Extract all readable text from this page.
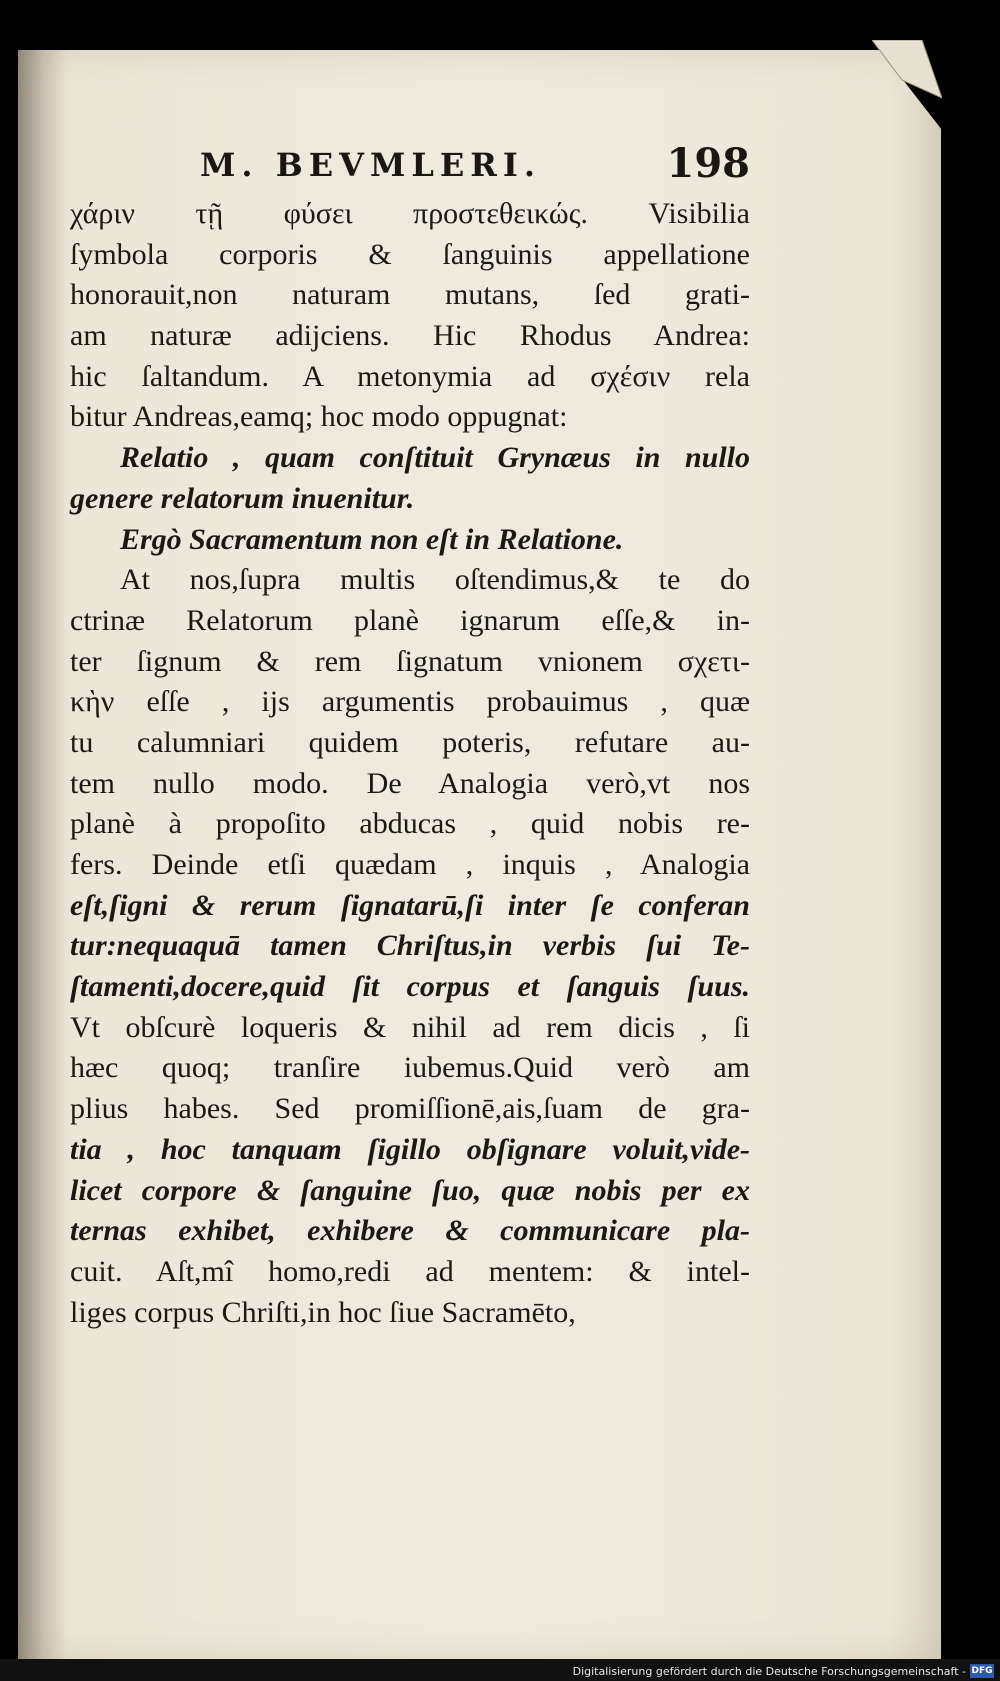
M. BEVMLERI.	198
χάριν τῇ φύσει προστεθεικώς. Visibilia
ſymbola corporis & ſanguinis appellatione
honorauit,non naturam mutans, ſed grati-
am naturæ adijciens. Hic Rhodus Andrea:
hic ſaltandum. A metonymia ad σχέσιν rela
bitur Andreas,eamq; hoc modo oppugnat:
Relatio , quam conſtituit Grynæus in nullo
genere relatorum inuenitur.
Ergò Sacramentum non eſt in Relatione.
At nos,ſupra multis oſtendimus,& te do
ctrinæ Relatorum planè ignarum eſſe,& in-
ter ſignum & rem ſignatum vnionem σχετι-
κὴν eſſe , ijs argumentis probauimus , quæ
tu calumniari quidem poteris, refutare au-
tem nullo modo. De Analogia verò,vt nos
planè à propoſito abducas , quid nobis re-
fers. Deinde etſi quædam , inquis , Analogia
eſt,ſigni & rerum ſignatarū,ſi inter ſe conferan
tur:nequaquā tamen Chriſtus,in verbis ſui Te-
ſtamenti,docere,quid ſit corpus et ſanguis ſuus.
Vt obſcurè loqueris & nihil ad rem dicis , ſi
hæc quoq; tranſire iubemus.Quid verò am
plius habes. Sed promiſſionē,ais,ſuam de gra-
tia , hoc tanquam ſigillo obſignare voluit,vide-
licet corpore & ſanguine ſuo, quæ nobis per ex
ternas exhibet, exhibere & communicare pla-
cuit. Aſt,mî homo,redi ad mentem: & intel-
liges corpus Chriſti,in hoc ſiue Sacramēto,
Digitalisierung gefördert durch die Deutsche Forschungsgemeinschaft - DFG
